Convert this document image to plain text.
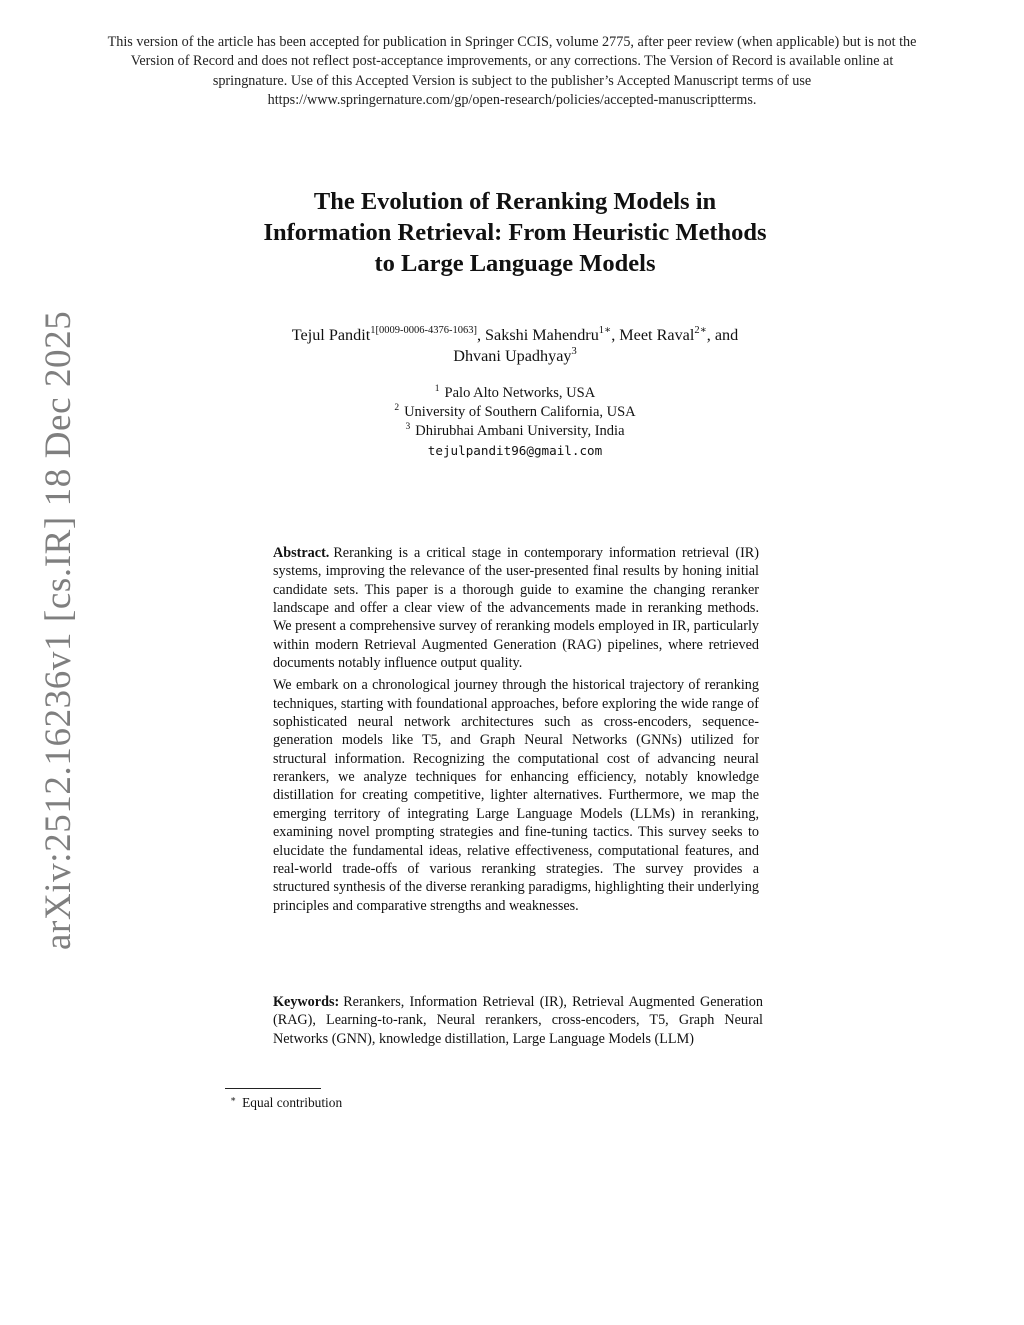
This version of the article has been accepted for publication in Springer CCIS, volume 2775, after peer review (when applicable) but is not the Version of Record and does not reflect post-acceptance improvements, or any corrections. The Version of Record is available online at springnature. Use of this Accepted Version is subject to the publisher’s Accepted Manuscript terms of use https://www.springernature.com/gp/open-research/policies/accepted-manuscriptterms.
arXiv:2512.16236v1 [cs.IR] 18 Dec 2025
The Evolution of Reranking Models in
Information Retrieval: From Heuristic Methods
to Large Language Models
Tejul Pandit$^{1[0009-0006-4376-1063]}$, Sakshi Mahendru$^{1∗}$, Meet Raval$^{2∗}$, and
Dhvani Upadhyay$^3$
$^1$ Palo Alto Networks, USA
$^2$ University of Southern California, USA
$^3$ Dhirubhai Ambani University, India
tejulpandit96@gmail.com

Abstract. Reranking is a critical stage in contemporary information retrieval (IR) systems, improving the relevance of the user-presented final results by honing initial candidate sets. This paper is a thorough guide to examine the changing reranker landscape and offer a clear view of the advancements made in reranking methods. We present a comprehensive survey of reranking models employed in IR, particularly within modern Retrieval Augmented Generation (RAG) pipelines, where retrieved documents notably influence output quality.

We embark on a chronological journey through the historical trajectory of reranking techniques, starting with foundational approaches, before exploring the wide range of sophisticated neural network architectures such as cross-encoders, sequence-generation models like T5, and Graph Neural Networks (GNNs) utilized for structural information. Recognizing the computational cost of advancing neural rerankers, we analyze techniques for enhancing efficiency, notably knowledge distillation for creating competitive, lighter alternatives. Furthermore, we map the emerging territory of integrating Large Language Models (LLMs) in reranking, examining novel prompting strategies and fine-tuning tactics. This survey seeks to elucidate the fundamental ideas, relative effectiveness, computational features, and real-world trade-offs of various reranking strategies. The survey provides a structured synthesis of the diverse reranking paradigms, highlighting their underlying principles and comparative strengths and weaknesses.

Keywords: Rerankers, Information Retrieval (IR), Retrieval Augmented Generation (RAG), Learning-to-rank, Neural rerankers, cross-encoders, T5, Graph Neural Networks (GNN), knowledge distillation, Large Language Models (LLM)
∗ Equal contribution
